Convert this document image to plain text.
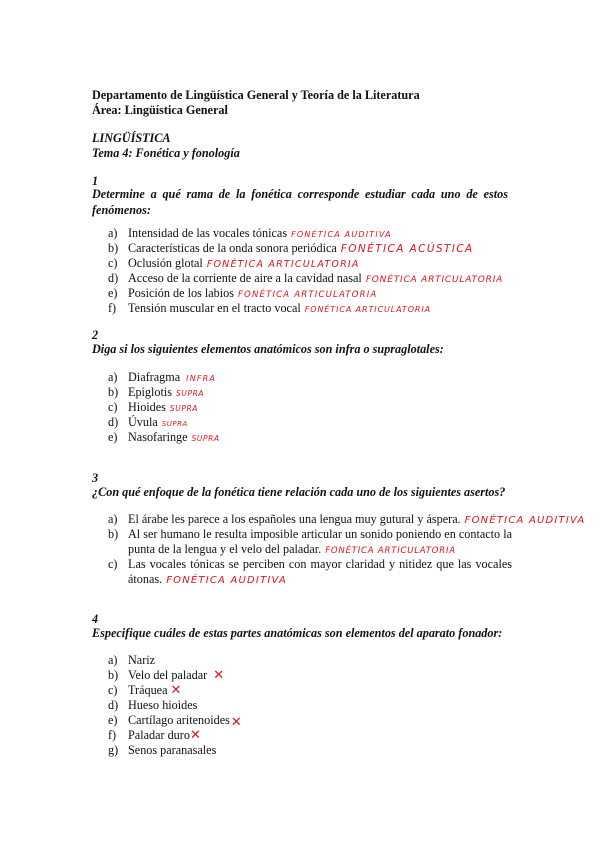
Departamento de Lingüística General y Teoría de la Literatura
Área: Lingüística General
LINGÜÍSTICA
Tema 4: Fonética y fonología
1
Determine a qué rama de la fonética corresponde estudiar cada uno de estos fenómenos:
a) Intensidad de las vocales tónicas FONÉTICA AUDITIVA
b) Características de la onda sonora periódica FONÉTICA ACÚSTICA
c) Oclusión glotal FONÉTICA ARTICULATORIA
d) Acceso de la corriente de aire a la cavidad nasal FONÉTICA ARTICULATORIA
e) Posición de los labios FONÉTICA ARTICULATORIA
f) Tensión muscular en el tracto vocal FONÉTICA ARTICULATORIA
2
Diga si los siguientes elementos anatómicos son infra o supraglotales:
a) Diafragma INFRA
b) Epiglotis SUPRA
c) Hioides SUPRA
d) Úvula SUPRA
e) Nasofaringe SUPRA
3
¿Con qué enfoque de la fonética tiene relación cada uno de los siguientes asertos?
a) El árabe les parece a los españoles una lengua muy gutural y áspera. FONÉTICA AUDITIVA
b) Al ser humano le resulta imposible articular un sonido poniendo en contacto la punta de la lengua y el velo del paladar. FONÉTICA ARTICULATORIA
c) Las vocales tónicas se perciben con mayor claridad y nitidez que las vocales átonas. FONÉTICA AUDITIVA
4
Especifique cuáles de estas partes anatómicas son elementos del aparato fonador:
a) Nariz
b) Velo del paladar ✕
c) Tráquea ✕
d) Hueso hioides
e) Cartílago aritenoides✕
f) Paladar duro✕
g) Senos paranasales
